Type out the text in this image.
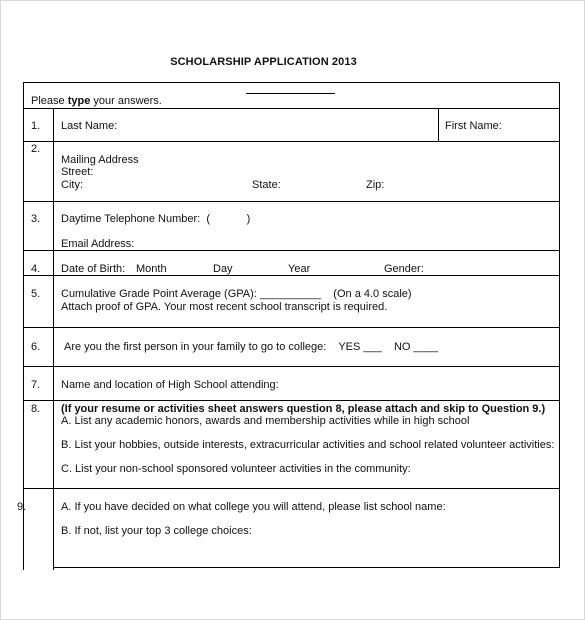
SCHOLARSHIP APPLICATION 2013
Please type your answers.
1. Last Name:	First Name:
2.
Mailing Address
Street:
City:	State:	Zip:
3. Daytime Telephone Number:  (            )
Email Address:
4. Date of Birth: Month	Day	Year	Gender:
5. Cumulative Grade Point Average (GPA): __________    (On a 4.0 scale)
Attach proof of GPA. Your most recent school transcript is required.
6. Are you the first person in your family to go to college:    YES ___    NO ____
7. Name and location of High School attending:
8. (If your resume or activities sheet answers question 8, please attach and skip to Question 9.)
A. List any academic honors, awards and membership activities while in high school
B. List your hobbies, outside interests, extracurricular activities and school related volunteer activities:
C. List your non-school sponsored volunteer activities in the community:
9.	A. If you have decided on what college you will attend, please list school name:
B. If not, list your top 3 college choices:
